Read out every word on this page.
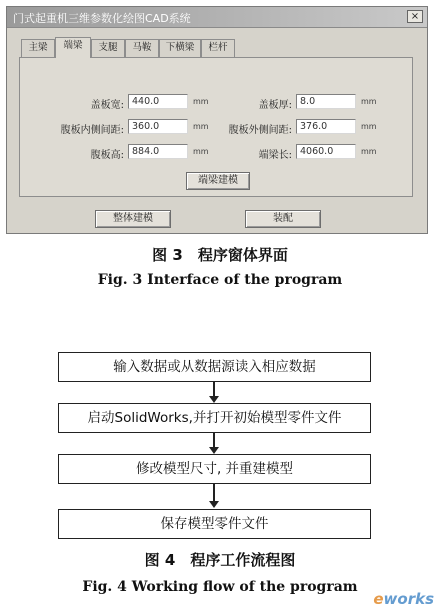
门式起重机三维参数化绘图CAD系统	×
主梁	端梁	支腿	马鞍	下横梁	栏杆
盖板宽: 440.0	mm	盖板厚: 8.0	mm
腹板内侧间距: 360.0	mm	腹板外侧间距: 376.0	mm
腹板高: 884.0	mm	端梁长: 4060.0	mm
端梁建模
整体建模	装配
图 3　程序窗体界面
Fig. 3 Interface of the program
输入数据或从数据源读入相应数据
启动SolidWorks,并打开初始模型零件文件
修改模型尺寸, 并重建模型
保存模型零件文件
图 4　程序工作流程图
Fig. 4 Working flow of the program
eworks
